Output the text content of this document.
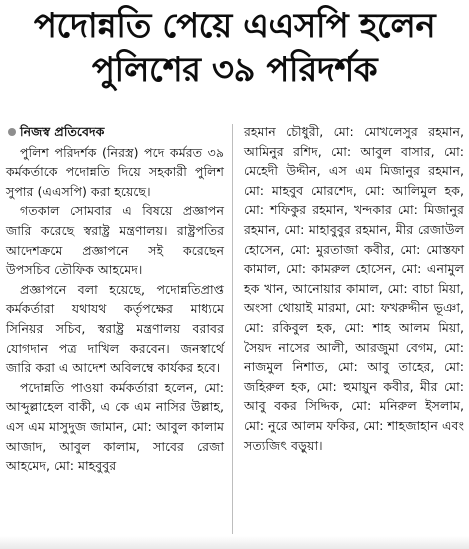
পদোন্নতি পেয়ে এএসপি হলেন
পুলিশের ৩৯ পরিদর্শক
নিজস্ব প্রতিবেদক

পুলিশ পরিদর্শক (নিরস্ত্র) পদে কর্মরত ৩৯ কর্মকর্তাকে পদোন্নতি দিয়ে সহকারী পুলিশ সুপার (এএসপি) করা হয়েছে।

গতকাল সোমবার এ বিষয়ে প্রজ্ঞাপন জারি করেছে স্বরাষ্ট্র মন্ত্রণালয়। রাষ্ট্রপতির আদেশক্রমে প্রজ্ঞাপনে সই করেছেন উপসচিব তৌফিক আহমেদ।

প্রজ্ঞাপনে বলা হয়েছে, পদোন্নতিপ্রাপ্ত কর্মকর্তারা যথাযথ কর্তৃপক্ষের মাধ্যমে সিনিয়র সচিব, স্বরাষ্ট্র মন্ত্রণালয় বরাবর যোগদান পত্র দাখিল করবেন। জনস্বার্থে জারি করা এ আদেশ অবিলম্বে কার্যকর হবে।

পদোন্নতি পাওয়া কর্মকর্তারা হলেন, মো: আব্দুল্লাহেল বাকী, এ কে এম নাসির উল্লাহ, এস এম মাসুদুজ জামান, মো: আবুল কালাম আজাদ, আবুল কালাম, সাবের রেজা আহমেদ, মো: মাহবুবুর

রহমান চৌধুরী, মো: মোখলেসুর রহমান, আমিনুর রশিদ, মো: আবুল বাসার, মো: মেহেদী উদ্দীন, এস এম মিজানুর রহমান, মো: মাহবুব মোরশেদ, মো: আলিমুল হক, মো: শফিকুর রহমান, খন্দকার মো: মিজানুর রহমান, মো: মাহাবুবুর রহমান, মীর রেজাউল হোসেন, মো: মুরতাজা কবীর, মো: মোস্তফা কামাল, মো: কামরুল হোসেন, মো: এনামুল হক খান, আনোয়ার কামাল, মো: বাচা মিয়া, অংসা থোয়াই মারমা, মো: ফখরুদ্দীন ভূঞা, মো: রকিবুল হক, মো: শাহ আলম মিয়া, সৈয়দ নাসের আলী, আরজুমা বেগম, মো: নাজমুল নিশাত, মো: আবু তাহের, মো: জহিরুল হক, মো: হুমায়ুন কবীর, মীর মো: আবু বকর সিদ্দিক, মো: মনিরুল ইসলাম, মো: নুরে আলম ফকির, মো: শাহজাহান এবং সত্যজিৎ বড়ুয়া।
